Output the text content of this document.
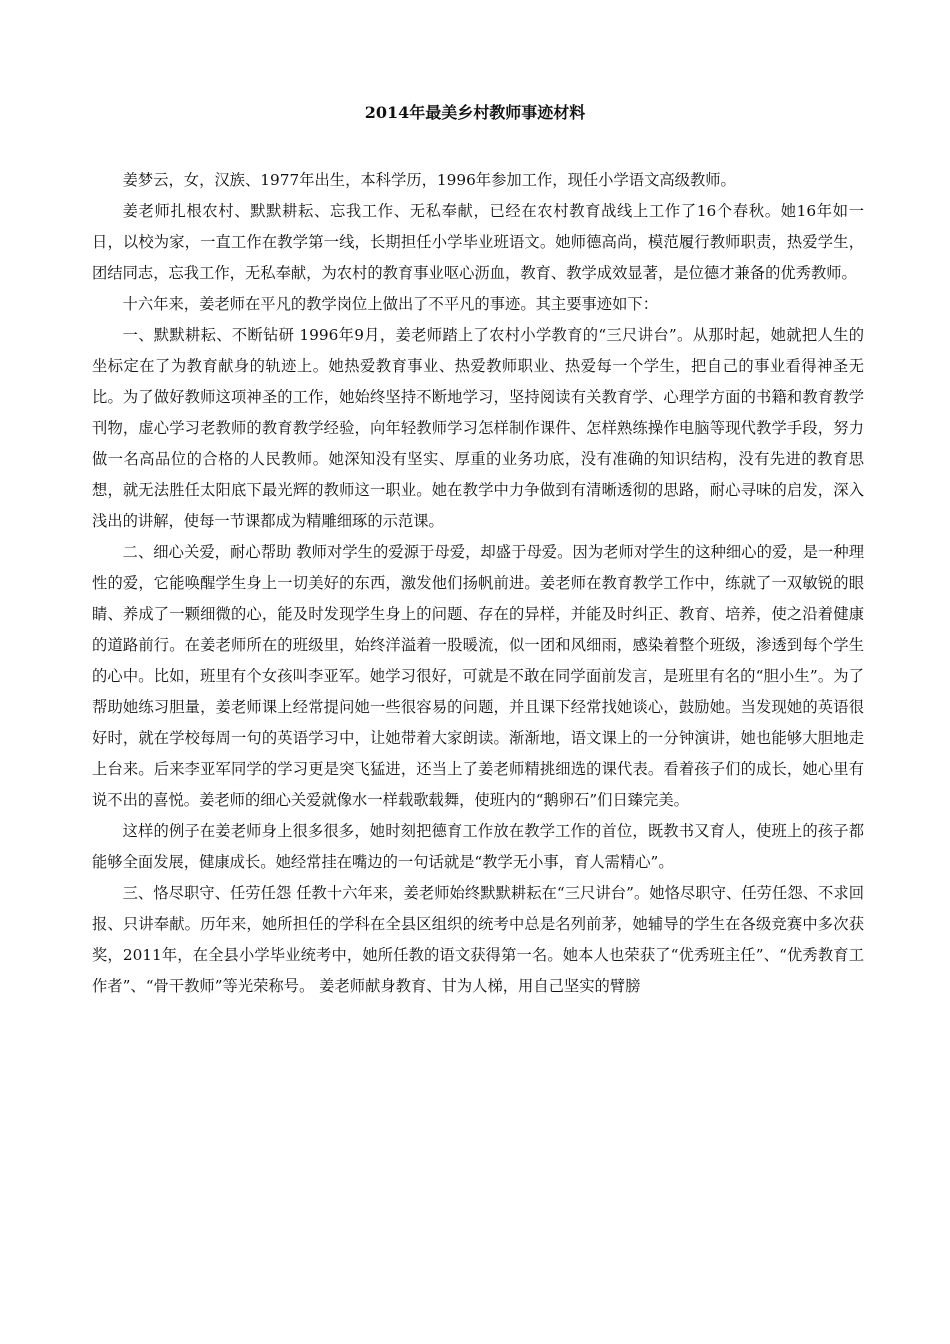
2014年最美乡村教师事迹材料

姜梦云，女，汉族、1977年出生，本科学历，1996年参加工作，现任小学语文高级教师。

姜老师扎根农村、默默耕耘、忘我工作、无私奉献，已经在农村教育战线上工作了16个春秋。她16年如一日，以校为家，一直工作在教学第一线，长期担任小学毕业班语文。她师德高尚，模范履行教师职责，热爱学生，团结同志，忘我工作，无私奉献，为农村的教育事业呕心沥血，教育、教学成效显著，是位德才兼备的优秀教师。

十六年来，姜老师在平凡的教学岗位上做出了不平凡的事迹。其主要事迹如下：

一、默默耕耘、不断钻研 1996年9月，姜老师踏上了农村小学教育的“三尺讲台”。从那时起，她就把人生的坐标定在了为教育献身的轨迹上。她热爱教育事业、热爱教师职业、热爱每一个学生，把自己的事业看得神圣无比。为了做好教师这项神圣的工作，她始终坚持不断地学习，坚持阅读有关教育学、心理学方面的书籍和教育教学刊物，虚心学习老教师的教育教学经验，向年轻教师学习怎样制作课件、怎样熟练操作电脑等现代教学手段，努力做一名高品位的合格的人民教师。她深知没有坚实、厚重的业务功底，没有准确的知识结构，没有先进的教育思想，就无法胜任太阳底下最光辉的教师这一职业。她在教学中力争做到有清晰透彻的思路，耐心寻味的启发，深入浅出的讲解，使每一节课都成为精雕细琢的示范课。

二、细心关爱，耐心帮助 教师对学生的爱源于母爱，却盛于母爱。因为老师对学生的这种细心的爱，是一种理性的爱，它能唤醒学生身上一切美好的东西，激发他们扬帆前进。姜老师在教育教学工作中，练就了一双敏锐的眼睛、养成了一颗细微的心，能及时发现学生身上的问题、存在的异样，并能及时纠正、教育、培养，使之沿着健康的道路前行。在姜老师所在的班级里，始终洋溢着一股暖流，似一团和风细雨，感染着整个班级，渗透到每个学生的心中。比如，班里有个女孩叫李亚军。她学习很好，可就是不敢在同学面前发言，是班里有名的“胆小生”。为了帮助她练习胆量，姜老师课上经常提问她一些很容易的问题，并且课下经常找她谈心，鼓励她。当发现她的英语很好时，就在学校每周一句的英语学习中，让她带着大家朗读。渐渐地，语文课上的一分钟演讲，她也能够大胆地走上台来。后来李亚军同学的学习更是突飞猛进，还当上了姜老师精挑细选的课代表。看着孩子们的成长，她心里有说不出的喜悦。姜老师的细心关爱就像水一样载歌载舞，使班内的“鹅卵石”们日臻完美。

这样的例子在姜老师身上很多很多，她时刻把德育工作放在教学工作的首位，既教书又育人，使班上的孩子都能够全面发展，健康成长。她经常挂在嘴边的一句话就是“教学无小事，育人需精心”。

三、恪尽职守、任劳任怨 任教十六年来，姜老师始终默默耕耘在“三尺讲台”。她恪尽职守、任劳任怨、不求回报、只讲奉献。历年来，她所担任的学科在全县区组织的统考中总是名列前茅，她辅导的学生在各级竞赛中多次获奖，2011年，在全县小学毕业统考中，她所任教的语文获得第一名。她本人也荣获了“优秀班主任”、“优秀教育工作者”、“骨干教师”等光荣称号。 姜老师献身教育、甘为人梯，用自己坚实的臂膀
